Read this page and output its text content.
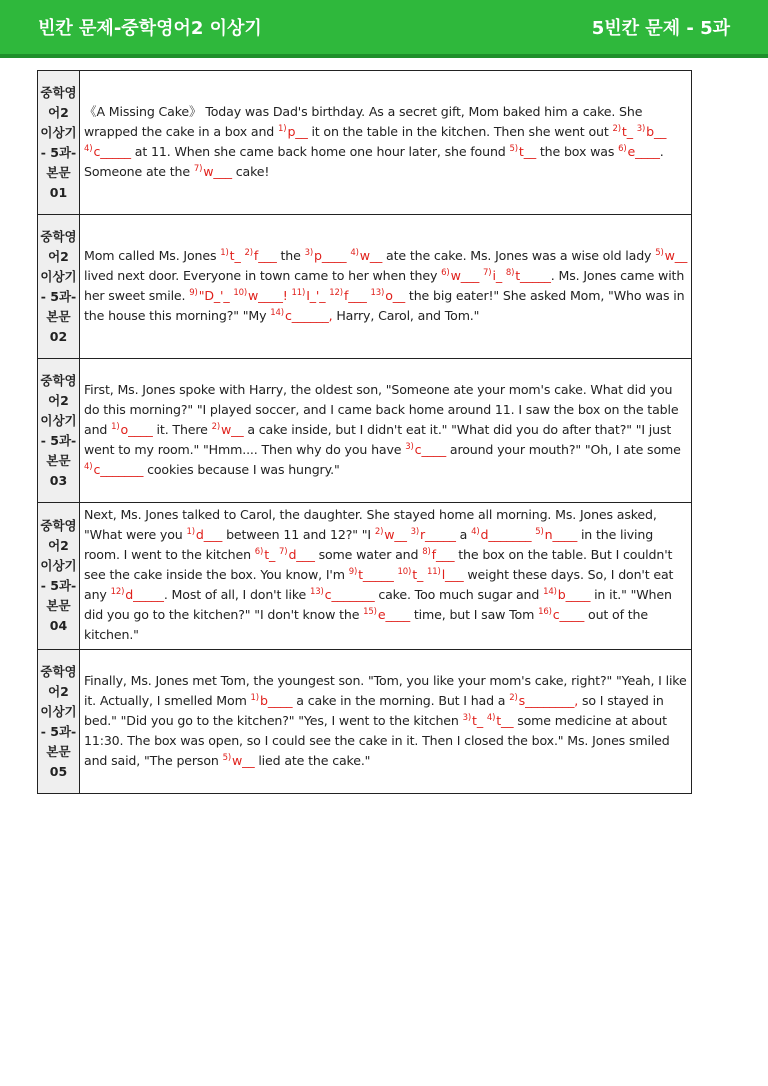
빈칸 문제-중학영어2 이상기	5빈칸 문제 - 5과
중학영어2 이상기 - 5과-본문 01	《A Missing Cake》 Today was Dad's birthday. As a secret gift, Mom baked him a cake. She wrapped the cake in a box and $^{1)}$p__ it on the table in the kitchen. Then she went out $^{2)}$t_ $^{3)}$b__ $^{4)}$c_____ at 11. When she came back home one hour later, she found $^{5)}$t__ the box was $^{6)}$e____. Someone ate the $^{7)}$w___ cake!

중학영어2 이상기 - 5과-본문 02	Mom called Ms. Jones $^{1)}$t_ $^{2)}$f___ the $^{3)}$p____ $^{4)}$w__ ate the cake. Ms. Jones was a wise old lady $^{5)}$w__ lived next door. Everyone in town came to her when they $^{6)}$w___ $^{7)}$i_ $^{8)}$t_____. Ms. Jones came with her sweet smile. $^{9)}$"D_'_ $^{10)}$w____! $^{11)}$I_'_ $^{12)}$f___ $^{13)}$o__ the big eater!" She asked Mom, "Who was in the house this morning?" "My $^{14)}$c______, Harry, Carol, and Tom."

중학영어2 이상기 - 5과-본문 03	First, Ms. Jones spoke with Harry, the oldest son, "Someone ate your mom's cake. What did you do this morning?" "I played soccer, and I came back home around 11. I saw the box on the table and $^{1)}$o____ it. There $^{2)}$w__ a cake inside, but I didn't eat it." "What did you do after that?" "I just went to my room." "Hmm.... Then why do you have $^{3)}$c____ around your mouth?" "Oh, I ate some $^{4)}$c_______ cookies because I was hungry."

중학영어2 이상기 - 5과-본문 04	Next, Ms. Jones talked to Carol, the daughter. She stayed home all morning. Ms. Jones asked, "What were you $^{1)}$d___ between 11 and 12?" "I $^{2)}$w__ $^{3)}$r_____ a $^{4)}$d_______ $^{5)}$n____ in the living room. I went to the kitchen $^{6)}$t_ $^{7)}$d___ some water and $^{8)}$f___ the box on the table. But I couldn't see the cake inside the box. You know, I'm $^{9)}$t_____ $^{10)}$t_ $^{11)}$l___ weight these days. So, I don't eat any $^{12)}$d_____. Most of all, I don't like $^{13)}$c_______ cake. Too much sugar and $^{14)}$b____ in it." "When did you go to the kitchen?" "I don't know the $^{15)}$e____ time, but I saw Tom $^{16)}$c____ out of the kitchen."

중학영어2 이상기 - 5과-본문 05	Finally, Ms. Jones met Tom, the youngest son. "Tom, you like your mom's cake, right?" "Yeah, I like it. Actually, I smelled Mom $^{1)}$b____ a cake in the morning. But I had a $^{2)}$s________, so I stayed in bed." "Did you go to the kitchen?" "Yes, I went to the kitchen $^{3)}$t_ $^{4)}$t__ some medicine at about 11:30. The box was open, so I could see the cake in it. Then I closed the box." Ms. Jones smiled and said, "The person $^{5)}$w__ lied ate the cake."
